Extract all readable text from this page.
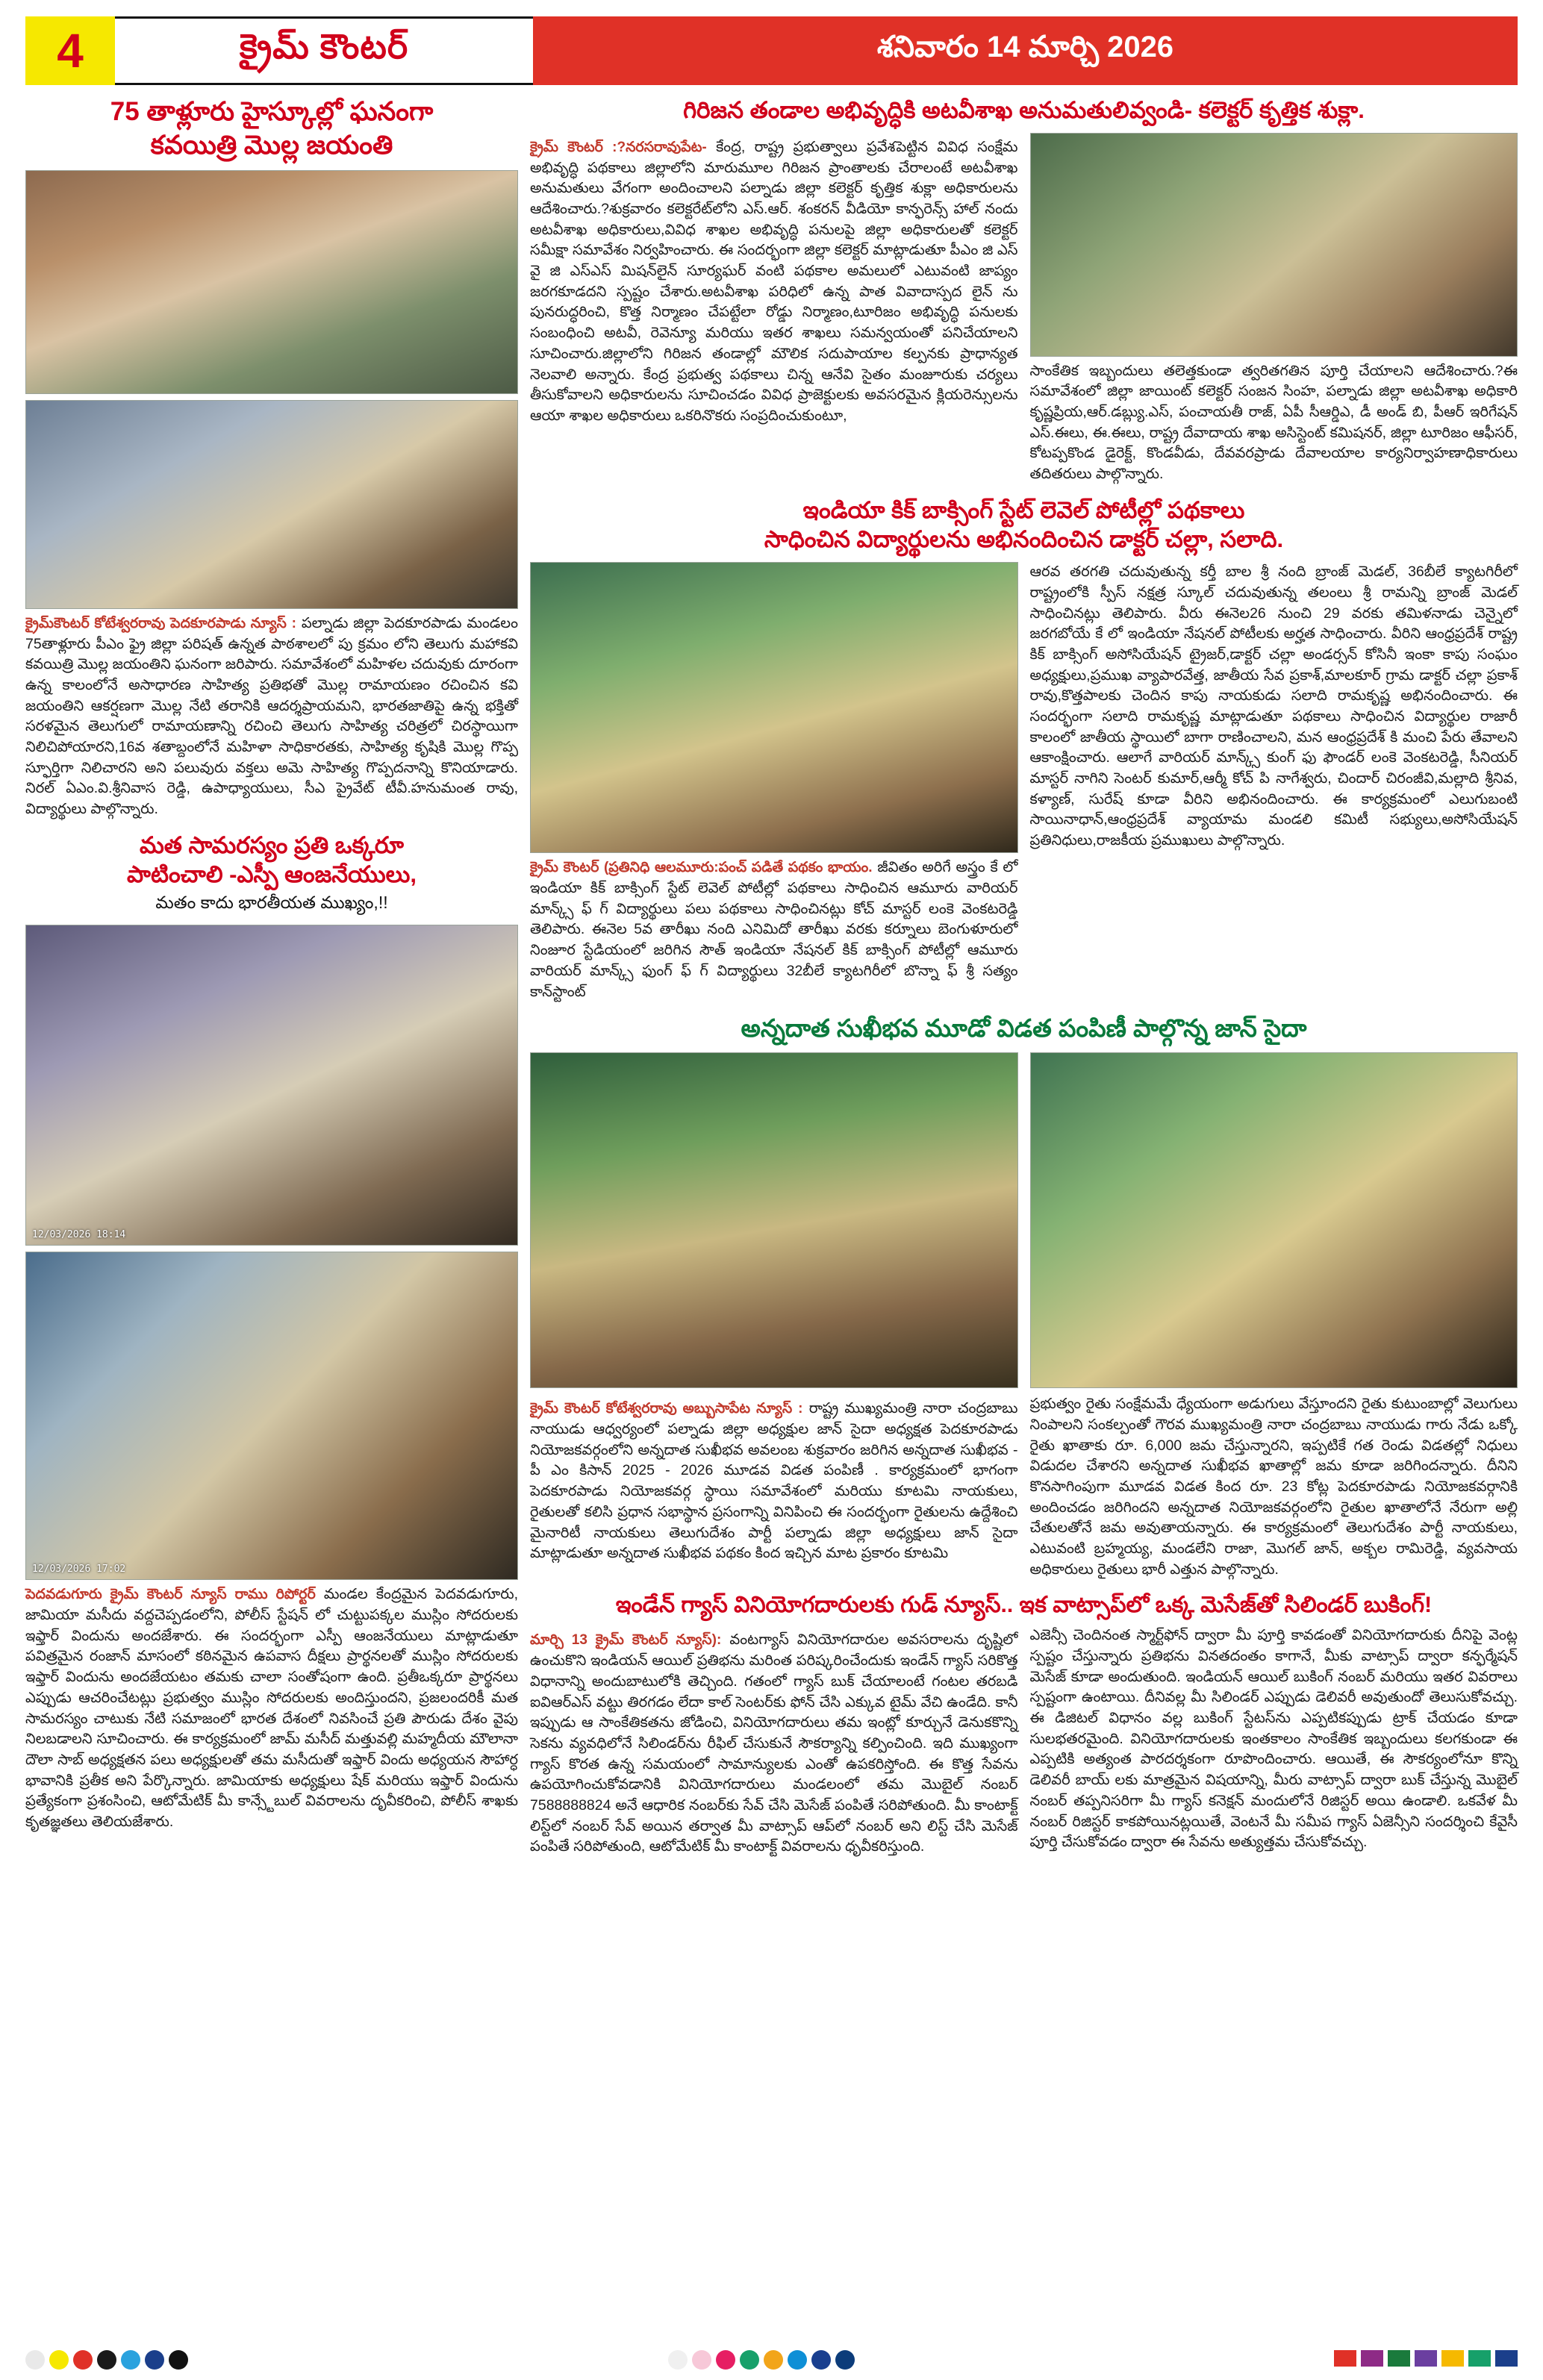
4	క్రైమ్ కౌంటర్	శనివారం 14 మార్చి 2026
75 తాళ్లూరు హైస్కూల్లో ఘనంగా
కవయిత్రి మొల్ల జయంతి
క్రైమ్‌కౌంటర్ కోటేశ్వరరావు పెదకూరపాడు న్యూస్ : పల్నాడు జిల్లా పెదకూరపాడు మండలం 75తాళ్లూరు పీఎం ఫ్రై జిల్లా పరిషత్ ఉన్నత పాఠశాలలో పు క్రమం లోని తెలుగు మహాకవి కవయిత్రి మొల్ల జయంతిని ఘనంగా జరిపారు. సమావేశంలో మహిళల చదువుకు దూరంగా ఉన్న కాలంలోనే అసాధారణ సాహిత్య ప్రతిభతో మొల్ల రామాయణం రచించిన కవి జయంతిని ఆకర్షణగా మొల్ల నేటి తరానికి ఆదర్శప్రాయమని, భారతజాతిపై ఉన్న భక్తితో సరళమైన తెలుగులో రామాయణాన్ని రచించి తెలుగు సాహిత్య చరిత్రలో చిరస్థాయిగా నిలిచిపోయారని,16వ శతాబ్దంలోనే మహిళా సాధికారతకు, సాహిత్య కృషికి మొల్ల గొప్ప స్ఫూర్తిగా నిలిచారని అని పలువురు వక్తలు అమె సాహిత్య గొప్పదనాన్ని కొనియాడారు. నిరల్ ఏఎం.వి.శ్రీనివాస రెడ్డి, ఉపాధ్యాయులు, సీఎ ప్రైవేట్ టీవీ.హనుమంత రావు, విద్యార్థులు పాల్గొన్నారు.
మత సామరస్యం ప్రతి ఒక్కరూ
పాటించాలి -ఎస్పీ ఆంజనేయులు,
మతం కాదు భారతీయత ముఖ్యం,!!
12/03/2026 18:14
12/03/2026 17:02
పెదవడుగూరు క్రైమ్ కౌంటర్ న్యూస్ రాము రిపోర్టర్ మండల కేంద్రమైన పెదవడుగూరు, జామియా మసీదు వద్దచెప్పడంలోని, పోలీస్ స్టేషన్ లో చుట్టుపక్కల ముస్లిం సోదరులకు ఇఫ్తార్ విందును అందజేశారు. ఈ సందర్భంగా ఎస్పీ ఆంజనేయులు మాట్లాడుతూ పవిత్రమైన రంజాన్ మాసంలో కఠినమైన ఉపవాస దీక్షలు ప్రార్థనలతో ముస్లిం సోదరులకు ఇఫ్తార్ విందును అందజేయటం తమకు చాలా సంతోషంగా ఉంది. ప్రతీఒక్కరూ ప్రార్థనలు ఎప్పుడు ఆచరించేటట్లు ప్రభుత్వం ముస్లిం సోదరులకు అందిస్తుందని, ప్రజలందరికీ మత సామరస్యం చాటుకు నేటి సమాజంలో భారత దేశంలో నివసించే ప్రతి పౌరుడు దేశం వైపు నిలబడాలని సూచించారు. ఈ కార్యక్రమంలో జామ్ మసీద్ మత్తువల్లి మహ్మదీయ మౌలానా దౌలా సాబ్ అధ్యక్షతన పలు అధ్యక్షులతో తమ మసీదుతో ఇఫ్తార్ విందు అధ్యయన సౌహార్ధ భావానికి ప్రతీక అని పేర్కొన్నారు. జామియాకు అధ్యక్షులు షేక్ మరియు ఇఫ్తార్ విందును ప్రత్యేకంగా ప్రశంసించి, ఆటోమేటిక్ మీ కాన్స్టేబుల్ వివరాలను దృవీకరించి, పోలీస్ శాఖకు కృతజ్ఞతలు తెలియజేశారు.
గిరిజన తండాల అభివృద్ధికి అటవీశాఖ అనుమతులివ్వండి- కలెక్టర్ కృత్తిక శుక్లా.
క్రైమ్ కౌంటర్ :?నరసరావుపేట- కేంద్ర, రాష్ట్ర ప్రభుత్వాలు ప్రవేశపెట్టిన వివిధ సంక్షేమ అభివృద్ధి పథకాలు జిల్లాలోని మారుమూల గిరిజన ప్రాంతాలకు చేరాలంటే అటవీశాఖ అనుమతులు వేగంగా అందించాలని పల్నాడు జిల్లా కలెక్టర్ కృత్తిక శుక్లా అధికారులను ఆదేశించారు.?శుక్రవారం కలెక్టరేట్‌లోని ఎస్.ఆర్. శంకరన్ వీడియో కాన్ఫరెన్స్ హాల్ నందు అటవీశాఖ అధికారులు,వివిధ శాఖల అభివృద్ధి పనులపై జిల్లా అధికారులతో కలెక్టర్ సమీక్షా సమావేశం నిర్వహించారు. ఈ సందర్భంగా జిల్లా కలెక్టర్ మాట్లాడుతూ పీఎం జి ఎస్ వై జి ఎస్ఎస్ మిషన్‌లైన్ సూర్యఘర్ వంటి పథకాల అమలులో ఎటువంటి జాప్యం జరగకూడదని స్పష్టం చేశారు.అటవీశాఖ పరిధిలో ఉన్న పాత వివాదాస్పద లైన్ ను పునరుద్ధరించి, కొత్త నిర్మాణం చేపట్టేలా రోడ్డు నిర్మాణం,టూరిజం అభివృద్ధి పనులకు సంబంధించి అటవీ, రెవెన్యూ మరియు ఇతర శాఖలు సమన్వయంతో పనిచేయాలని సూచించారు.జిల్లాలోని గిరిజన తండాల్లో మౌలిక సదుపాయాల కల్పనకు ప్రాధాన్యత నెలవాలి అన్నారు. కేంద్ర ప్రభుత్వ పథకాలు చిన్న ఆనేవి సైతం మంజూరుకు చర్యలు తీసుకోవాలని అధికారులను సూచించడం వివిధ ప్రాజెక్టులకు అవసరమైన క్లియరెన్సులను ఆయా శాఖల అధికారులు ఒకరినొకరు సంప్రదించుకుంటూ,
సాంకేతిక ఇబ్బందులు తలెత్తకుండా త్వరితగతిన పూర్తి చేయాలని ఆదేశించారు.?ఈ సమావేశంలో జిల్లా జాయింట్ కలెక్టర్ సంజన సింహ, పల్నాడు జిల్లా అటవీశాఖ అధికారి కృష్ణప్రియ,ఆర్.డబ్ల్యు.ఎస్, పంచాయతీ రాజ్, ఏపీ సీఆర్డిఎ, డీ అండ్ బి, పీఆర్ ఇరిగేషన్ ఎస్.ఈలు, ఈ.ఈలు, రాష్ట్ర దేవాదాయ శాఖ అసిస్టెంట్ కమిషనర్, జిల్లా టూరిజం ఆఫీసర్, కోటప్పకొండ డైరెక్ట్, కొండవీడు, దేవవరప్రాడు దేవాలయాల కార్యనిర్వాహణాధికారులు తదితరులు పాల్గొన్నారు.
ఇండియా కిక్ బాక్సింగ్ స్టేట్ లెవెల్ పోటీల్లో పథకాలు
సాధించిన విద్యార్థులను అభినందించిన డాక్టర్ చల్లా, సలాది.
క్రైమ్ కౌంటర్ (ప్రతినిధి ఆలమూరు:పంచ్ పడితే పథకం భాయం. జీవితం అరిగే అస్త్రం కే లో ఇండియా కిక్ బాక్సింగ్ స్టేట్ లెవెల్ పోటీల్లో పథకాలు సాధించిన ఆమూరు వారియర్ మాన్క్స్ ఫ్ గ్ విద్యార్థులు పలు పథకాలు సాధించినట్లు కోచ్ మాస్టర్ లంకె వెంకటరెడ్డి తెలిపారు. ఈనెల 5వ తారీఖు నంది ఎనిమిదో తారీఖు వరకు కర్నూలు బెంగుళూరులో నింజూర స్టేడియంలో జరిగిన సౌత్ ఇండియా నేషనల్ కిక్ బాక్సింగ్ పోటీల్లో ఆమూరు వారియర్ మాన్క్స్ ఫుంగ్ ఫ్ గ్ విద్యార్థులు 32బీలే క్యాటగిరీలో బొన్నా ఫ్ శ్రీ సత్యం కాన్‌స్టాంట్
ఆరవ తరగతి చదువుతున్న కర్తీ బాల శ్రీ నంది బ్రాంజ్ మెడల్, 36బీలే క్యాటగిరీలో రాష్ట్రంలోకి స్పీస్ నక్షత్ర స్కూల్ చదువుతున్న తలంలు శ్రీ రామన్ని బ్రాంజ్ మెడల్ సాధించినట్లు తెలిపారు. వీరు ఈనెల26 నుంచి 29 వరకు తమిళనాడు చెన్నైలో జరగబోయే కే లో ఇండియా నేషనల్ పోటీలకు అర్హత సాధించారు. వీరిని ఆంధ్రప్రదేశ్ రాష్ట్ర కిక్ బాక్సింగ్ అసోసియేషన్ ట్రైజర్,డాక్టర్ చల్లా అండర్సన్ కోసినీ ఇంకా కాపు సంఘం అధ్యక్షులు,ప్రముఖ వ్యాపారవేత్త, జాతీయ సేవ ప్రకాశ్,మాలకూర్ గ్రామ డాక్టర్ చల్లా ప్రకాశ్ రావు,కొత్తపాలకు చెందిన కాపు నాయకుడు సలాది రామకృష్ణ అభినందించారు. ఈ సందర్భంగా సలాది రామకృష్ణ మాట్లాడుతూ పథకాలు సాధించిన విద్యార్థుల రాజారీ కాలంలో జాతీయ స్థాయిలో బాగా రాణించాలని, మన ఆంధ్రప్రదేశ్ కి మంచి పేరు తేవాలని ఆకాంక్షించారు. ఆలాగే వారియర్ మాన్క్స్ కుంగ్ ఫు ఫౌండర్ లంకె వెంకటరెడ్డి, సీనియర్ మాస్టర్ నాగిని సెంటర్ కుమార్,ఆర్మీ కోచ్ పి నాగేశ్వరు, చిందార్ చిరంజీవి,మల్లాది శ్రీనివ, కళ్యాణ్, సురేష్ కూడా వీరిని అభినందించారు. ఈ కార్యక్రమంలో ఎలుగుబంటి సాయినాధాన్,ఆంధ్రప్రదేశ్ వ్యాయామ మండలి కమిటీ సభ్యులు,అసోసియేషన్ ప్రతినిధులు,రాజకీయ ప్రముఖులు పాల్గొన్నారు.
అన్నదాత సుఖీభవ మూడో విడత పంపిణీ పాల్గొన్న జాన్ సైదా
క్రైమ్ కౌంటర్ కోటేశ్వరరావు అబ్బుసాపేట న్యూస్ : రాష్ట్ర ముఖ్యమంత్రి నారా చంద్రబాబు నాయుడు ఆధ్వర్యంలో పల్నాడు జిల్లా అధ్యక్షుల జాన్ సైదా అధ్యక్షత పెదకూరపాడు నియోజకవర్గంలోని అన్నదాత సుఖీభవ అవలంబ శుక్రవారం జరిగిన అన్నదాత సుఖీభవ - పీ ఎం కిసాన్ 2025 - 2026 మూడవ విడత పంపిణీ . కార్యక్రమంలో భాగంగా పెదకూరపాడు నియోజకవర్గ స్థాయి సమావేశంలో మరియు కూటమి నాయకులు, రైతులతో కలిసి ప్రధాన సభాస్థాన ప్రసంగాన్ని వినిపించి ఈ సందర్భంగా రైతులను ఉద్దేశించి మైనారిటీ నాయకులు తెలుగుదేశం పార్టీ పల్నాడు జిల్లా అధ్యక్షులు జాన్ సైదా మాట్లాడుతూ అన్నదాత సుఖీభవ పథకం కింద ఇచ్చిన మాట ప్రకారం కూటమి
ప్రభుత్వం రైతు సంక్షేమమే ధ్యేయంగా అడుగులు వేస్తూందని రైతు కుటుంబాల్లో వెలుగులు నింపాలని సంకల్పంతో గౌరవ ముఖ్యమంత్రి నారా చంద్రబాబు నాయుడు గారు నేడు ఒక్కో రైతు ఖాతాకు రూ. 6,000 జమ చేస్తున్నారని, ఇప్పటికే గత రెండు విడతల్లో నిధులు విడుదల చేశారని అన్నదాత సుఖీభవ ఖాతాల్లో జమ కూడా జరిగిందన్నారు. దీనిని కొనసాగింపుగా మూడవ విడత కింద రూ. 23 కోట్ల పెదకూరపాడు నియోజకవర్గానికి అందించడం జరిగిందని అన్నదాత నియోజకవర్గంలోని రైతుల ఖాతాలోనే నేరుగా అల్లి చేతులతోనే జమ అవుతాయన్నారు. ఈ కార్యక్రమంలో తెలుగుదేశం పార్టీ నాయకులు, ఎటువంటి బ్రహ్మయ్య, మండలేని రాజా, మొగల్ జాన్, అక్బల రామిరెడ్డి, వ్యవసాయ అధికారులు రైతులు భారీ ఎత్తున పాల్గొన్నారు.
ఇండేన్ గ్యాస్ వినియోగదారులకు గుడ్ న్యూస్.. ఇక వాట్సాప్‌లో ఒక్క మెసేజ్‌తో సిలిండర్ బుకింగ్!
మార్చి 13 క్రైమ్ కౌంటర్ న్యూస్): వంటగ్యాస్ వినియోగదారుల అవసరాలను దృష్టిలో ఉంచుకొని ఇండియన్ ఆయిల్ ప్రతిభను మరింత పరిష్కరించేందుకు ఇండేన్ గ్యాస్ సరికొత్త విధానాన్ని అందుబాటులోకి తెచ్చింది. గతంలో గ్యాస్ బుక్ చేయాలంటే గంటల తరబడి ఐవిఆర్‌ఎస్ వట్టు తిరగడం లేదా కాల్ సెంటర్‌కు ఫోన్ చేసి ఎక్కువ టైమ్ వేచి ఉండేది. కానీ ఇప్పుడు ఆ సాంకేతికతను జోడించి, వినియోగదారులు తమ ఇంట్లో కూర్చునే డెనుకకొన్ని సెకను వ్యవధిలోనే సిలిండర్‌ను రీఫిల్ చేసుకునే సౌకర్యాన్ని కల్పించింది. ఇది ముఖ్యంగా గ్యాస్ కొరత ఉన్న సమయంలో సామాన్యులకు ఎంతో ఉపకరిస్తోంది. ఈ కొత్త సేవను ఉపయోగించుకోవడానికి వినియోగదారులు మండలంలో తమ మొబైల్ నంబర్ 7588888824 అనే ఆధారిక నంబర్‌కు సేవ్ చేసి మెసేజ్ పంపితే సరిపోతుంది. మీ కాంటాక్ట్ లిస్ట్‌లో నంబర్ సేవ్ అయిన తర్వాత మీ వాట్సాప్ ఆప్‌లో నంబర్ అని లిస్ట్ చేసి మెసేజ్ పంపితే సరిపోతుంది, ఆటోమేటిక్ మీ కాంటాక్ట్ వివరాలను ధృవీకరిస్తుంది.
ఎజెన్సీ చెందినంత స్మార్ట్‌ఫోన్ ద్వారా మీ పూర్తి కావడంతో వినియోగదారుకు దీనిపై వెంట్ల స్పష్టం చేస్తున్నారు ప్రతిభను వినతదంతం కాగానే, మీకు వాట్సాప్ ద్వారా కన్ఫర్మేషన్ మెసేజ్ కూడా అందుతుంది. ఇండియన్ ఆయిల్ బుకింగ్ నంబర్ మరియు ఇతర వివరాలు స్పష్టంగా ఉంటాయి. దీనివల్ల మీ సిలిండర్ ఎప్పుడు డెలివరీ అవుతుందో తెలుసుకోవచ్చు. ఈ డిజిటల్ విధానం వల్ల బుకింగ్ స్టేటస్‌ను ఎప్పటికప్పుడు ట్రాక్ చేయడం కూడా సులభతరమైంది. వినియోగదారులకు ఇంతకాలం సాంకేతిక ఇబ్బందులు కలగకుండా ఈ ఎప్పటికి అత్యంత పారదర్శకంగా రూపొందించారు. ఆయితే, ఈ సౌకర్యంలోనూ కొన్ని డెలివరీ బాయ్ లకు మాత్రమైన విషయాన్ని, మీరు వాట్సాప్ ద్వారా బుక్ చేస్తున్న మొబైల్ నంబర్ తప్పనిసరిగా మీ గ్యాస్ కనెక్షన్ మందులోనే రిజిస్టర్ అయి ఉండాలి. ఒకవేళ మీ నంబర్ రిజిస్టర్ కాకపోయినట్లయితే, వెంటనే మీ సమీప గ్యాస్ ఏజెన్సీని సందర్శించి కేవైసీ పూర్తి చేసుకోవడం ద్వారా ఈ సేవను అత్యుత్తమ చేసుకోవచ్చు.
